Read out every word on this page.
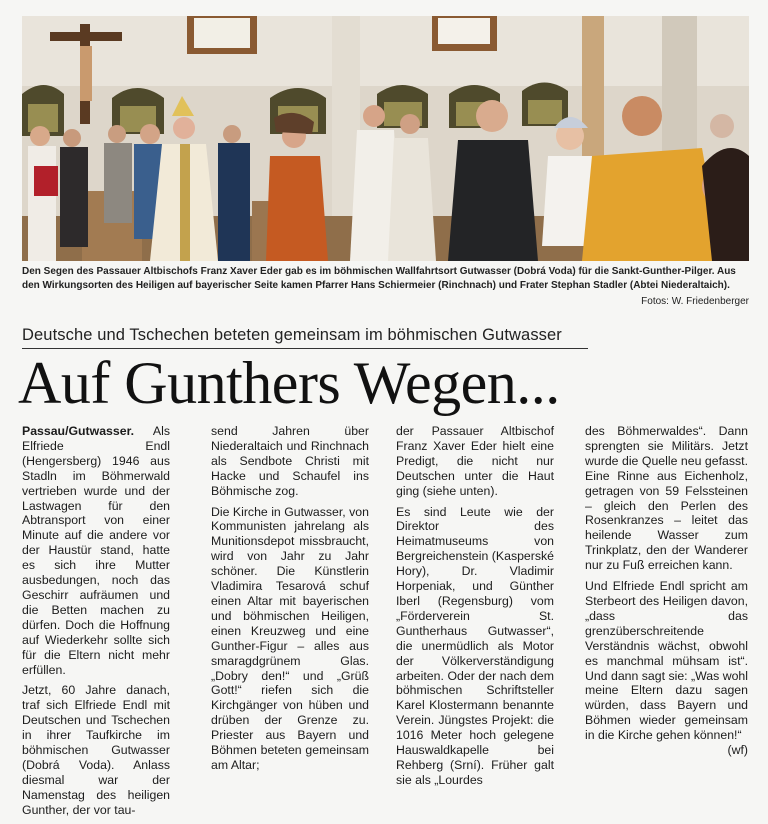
Den Segen des Passauer Altbischofs Franz Xaver Eder gab es im böhmischen Wallfahrtsort Gutwasser (Dobrá Voda) für die Sankt-Gunther-Pilger. Aus den Wirkungsorten des Heiligen auf bayerischer Seite kamen Pfarrer Hans Schiermeier (Rinchnach) und Frater Stephan Stadler (Abtei Niederaltaich).
Fotos: W. Friedenberger
Deutsche und Tschechen beteten gemeinsam im böhmischen Gutwasser
Auf Gunthers Wegen...

Passau/Gutwasser. Als Elfriede Endl (Hengersberg) 1946 aus Stadln im Böhmerwald vertrieben wurde und der Lastwagen für den Abtransport von einer Minute auf die andere vor der Haustür stand, hatte es sich ihre Mutter ausbedungen, noch das Geschirr aufräumen und die Betten machen zu dürfen. Doch die Hoffnung auf Wiederkehr sollte sich für die Eltern nicht mehr erfüllen.

Jetzt, 60 Jahre danach, traf sich Elfriede Endl mit Deutschen und Tschechen in ihrer Taufkirche im böhmischen Gutwasser (Dobrá Voda). Anlass diesmal war der Namenstag des heiligen Gunther, der vor tau-

send Jahren über Niederaltaich und Rinchnach als Sendbote Christi mit Hacke und Schaufel ins Böhmische zog.

Die Kirche in Gutwasser, von Kommunisten jahrelang als Munitionsdepot missbraucht, wird von Jahr zu Jahr schöner. Die Künstlerin Vladimira Tesarová schuf einen Altar mit bayerischen und böhmischen Heiligen, einen Kreuzweg und eine Gunther-Figur – alles aus smaragdgrünem Glas. „Dobry den!“ und „Grüß Gott!“ riefen sich die Kirchgänger von hüben und drüben der Grenze zu. Priester aus Bayern und Böhmen beteten gemeinsam am Altar;

der Passauer Altbischof Franz Xaver Eder hielt eine Predigt, die nicht nur Deutschen unter die Haut ging (siehe unten).

Es sind Leute wie der Direktor des Heimatmuseums von Bergreichenstein (Kasperské Hory), Dr. Vladimir Horpeniak, und Günther Iberl (Regensburg) vom „Förderverein St. Guntherhaus Gutwasser“, die unermüdlich als Motor der Völkerverständigung arbeiten. Oder der nach dem böhmischen Schriftsteller Karel Klostermann benannte Verein. Jüngstes Projekt: die 1016 Meter hoch gelegene Hauswaldkapelle bei Rehberg (Srní). Früher galt sie als „Lourdes

des Böhmerwaldes“. Dann sprengten sie Militärs. Jetzt wurde die Quelle neu gefasst. Eine Rinne aus Eichenholz, getragen von 59 Felssteinen – gleich den Perlen des Rosenkranzes – leitet das heilende Wasser zum Trinkplatz, den der Wanderer nur zu Fuß erreichen kann.

Und Elfriede Endl spricht am Sterbeort des Heiligen davon, „dass das grenzüberschreitende Verständnis wächst, obwohl es manchmal mühsam ist“. Und dann sagt sie: „Was wohl meine Eltern dazu sagen würden, dass Bayern und Böhmen wieder gemeinsam in die Kirche gehen können!“
(wf)
